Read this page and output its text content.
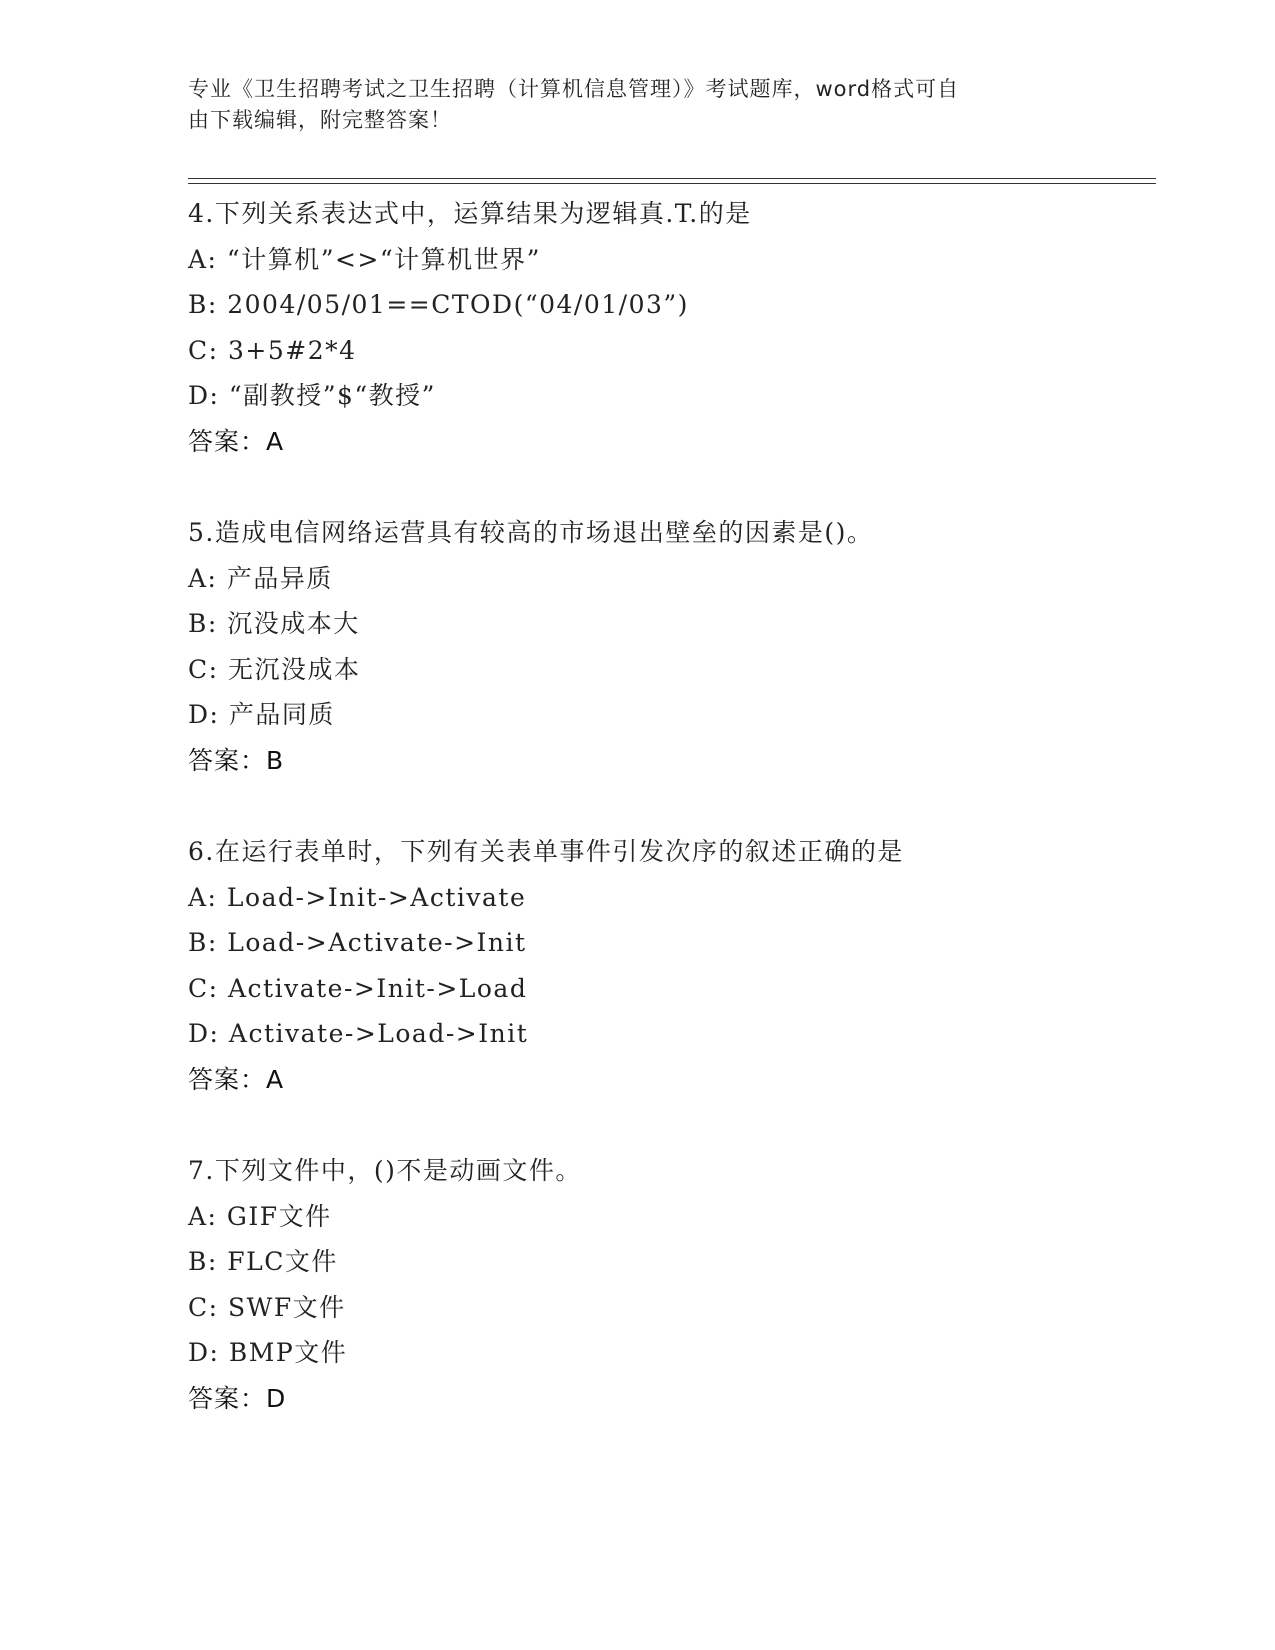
专业《卫生招聘考试之卫生招聘（计算机信息管理）》考试题库，word格式可自
由下载编辑，附完整答案！
4.下列关系表达式中，运算结果为逻辑真.T.的是
A: “计算机”<>“计算机世界”
B: 2004/05/01==CTOD(“04/01/03”)
C: 3+5#2*4
D: “副教授”$“教授”
答案：A
5.造成电信网络运营具有较高的市场退出壁垒的因素是()。
A: 产品异质
B: 沉没成本大
C: 无沉没成本
D: 产品同质
答案：B
6.在运行表单时，下列有关表单事件引发次序的叙述正确的是
A: Load->Init->Activate
B: Load->Activate->Init
C: Activate->Init->Load
D: Activate->Load->Init
答案：A
7.下列文件中，()不是动画文件。
A: GIF文件
B: FLC文件
C: SWF文件
D: BMP文件
答案：D
